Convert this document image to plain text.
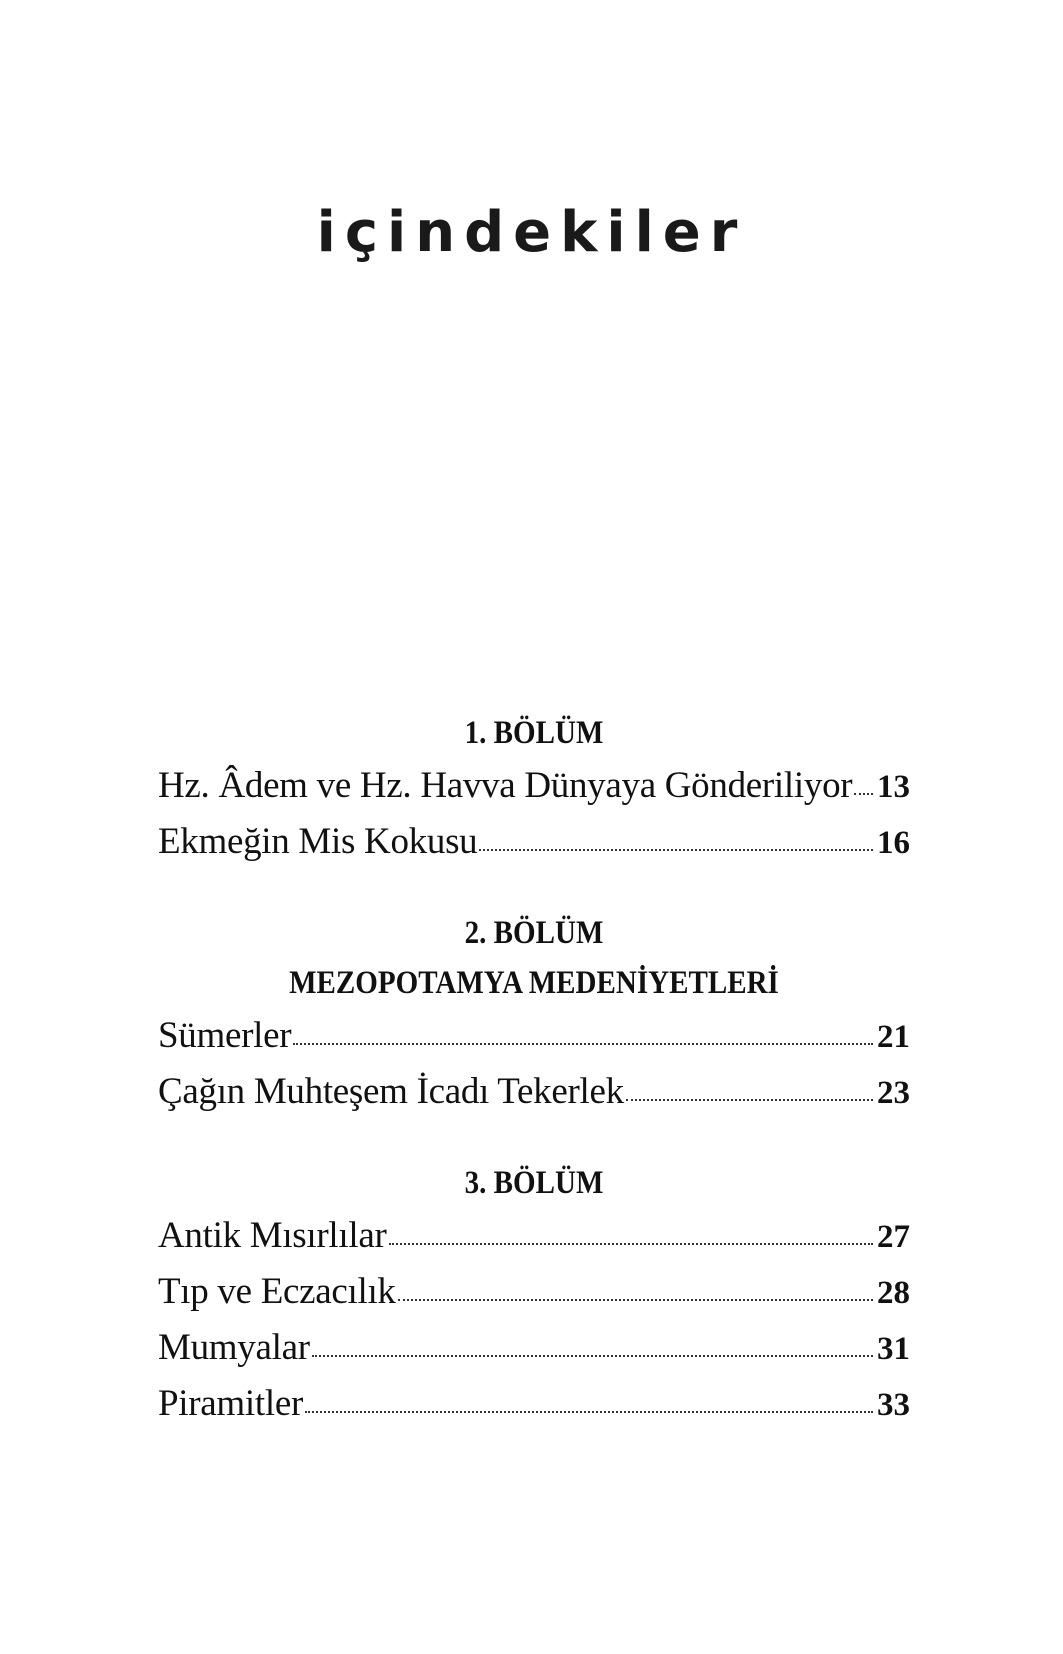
içindekiler
1. BÖLÜM
Hz. Âdem ve Hz. Havva Dünyaya Gönderiliyor 13
Ekmeğin Mis Kokusu	16
2. BÖLÜM
MEZOPOTAMYA MEDENİYETLERİ
Sümerler	21
Çağın Muhteşem İcadı Tekerlek	23
3. BÖLÜM
Antik Mısırlılar	27
Tıp ve Eczacılık	28
Mumyalar	31
Piramitler	33
